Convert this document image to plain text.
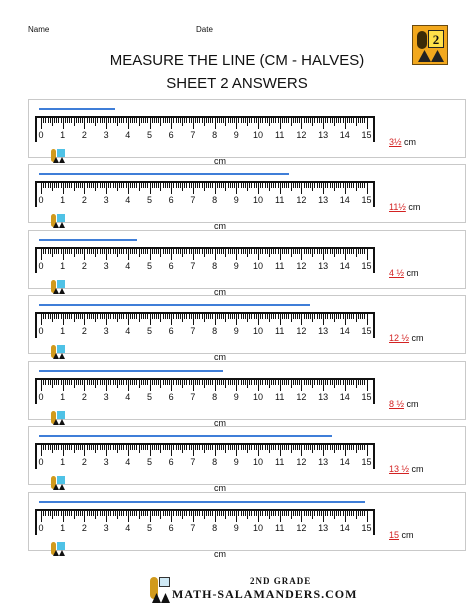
Name	Date
MEASURE THE LINE (CM - HALVES)
SHEET 2 ANSWERS
2
0	1	2	3	4	5	6	7	8	9	10	11	12	13	14	15
cm
3½ cm
0	1	2	3	4	5	6	7	8	9	10	11	12	13	14	15
cm
11½ cm
0	1	2	3	4	5	6	7	8	9	10	11	12	13	14	15
cm
4 ½ cm
0	1	2	3	4	5	6	7	8	9	10	11	12	13	14	15
cm
12 ½ cm
0	1	2	3	4	5	6	7	8	9	10	11	12	13	14	15
cm
8 ½ cm
0	1	2	3	4	5	6	7	8	9	10	11	12	13	14	15
cm
13 ½ cm
0	1	2	3	4	5	6	7	8	9	10	11	12	13	14	15
cm
15 cm
2ND GRADE
MATH-SALAMANDERS.COM
